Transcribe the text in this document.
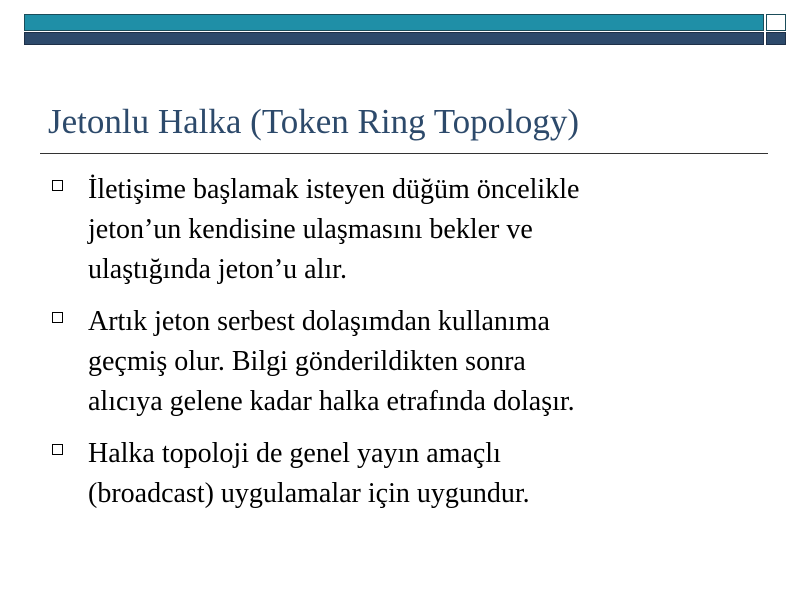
Jetonlu Halka (Token Ring Topology)
İletişime başlamak isteyen düğüm öncelikle
jeton’un kendisine ulaşmasını bekler ve
ulaştığında jeton’u alır.
Artık jeton serbest dolaşımdan kullanıma
geçmiş olur. Bilgi gönderildikten sonra
alıcıya gelene kadar halka etrafında dolaşır.
Halka topoloji de genel yayın amaçlı
(broadcast) uygulamalar için uygundur.
